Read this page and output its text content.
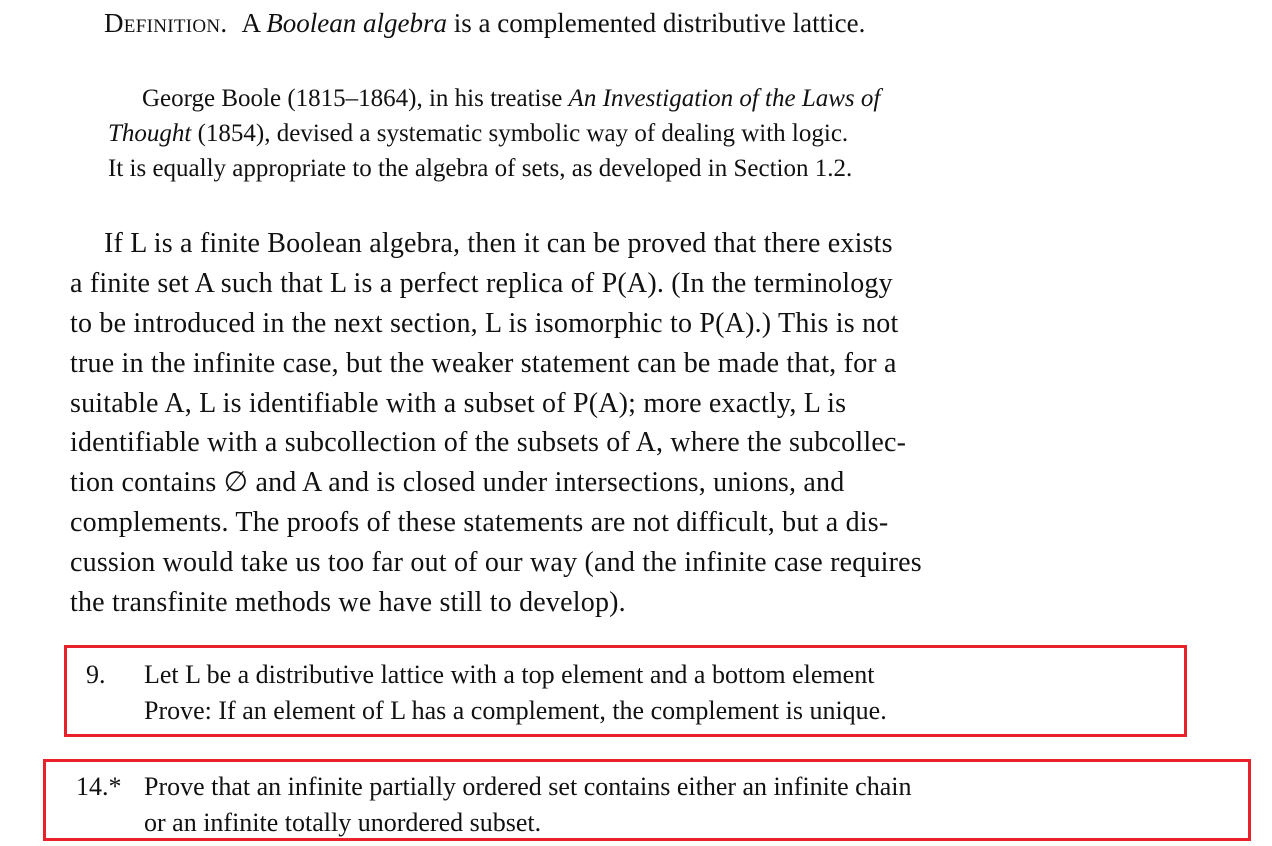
Definition. A Boolean algebra is a complemented distributive lattice.
George Boole (1815–1864), in his treatise An Investigation of the Laws of
Thought (1854), devised a systematic symbolic way of dealing with logic.
It is equally appropriate to the algebra of sets, as developed in Section 1.2.
If L is a finite Boolean algebra, then it can be proved that there exists
a finite set A such that L is a perfect replica of P(A). (In the terminology
to be introduced in the next section, L is isomorphic to P(A).) This is not
true in the infinite case, but the weaker statement can be made that, for a
suitable A, L is identifiable with a subset of P(A); more exactly, L is
identifiable with a subcollection of the subsets of A, where the subcollec-
tion contains ∅ and A and is closed under intersections, unions, and
complements. The proofs of these statements are not difficult, but a dis-
cussion would take us too far out of our way (and the infinite case requires
the transfinite methods we have still to develop).
9. Let L be a distributive lattice with a top element and a bottom element
Prove: If an element of L has a complement, the complement is unique.
14.* Prove that an infinite partially ordered set contains either an infinite chain
or an infinite totally unordered subset.
